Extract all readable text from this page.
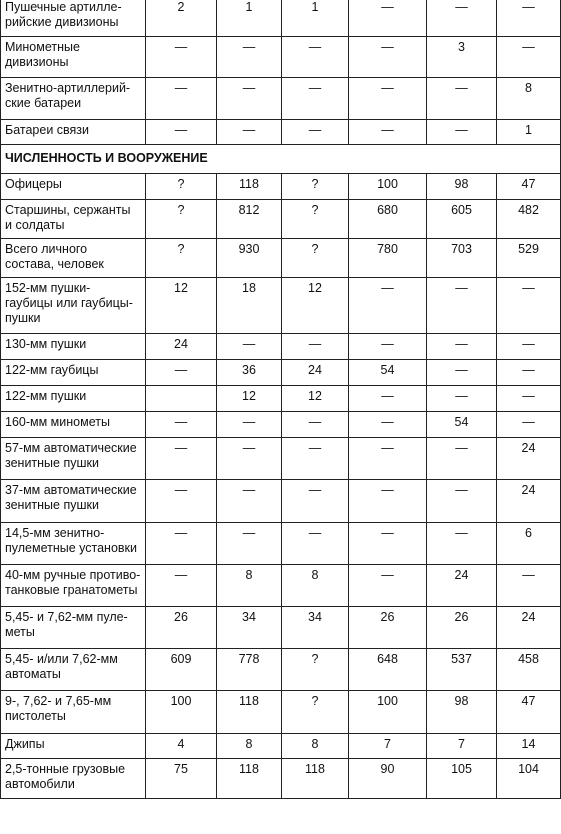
Пушечные артилле-
рийские дивизионы	2	1	1	—	—	—

Минометные
дивизионы	—	—	—	—	3	—

Зенитно-артиллерий-
ские батареи	—	—	—	—	—	8

Батареи связи	—	—	—	—	—	1
ЧИСЛЕННОСТЬ И ВООРУЖЕНИЕ						

Офицеры	?	118	?	100	98	47

Старшины, сержанты
и солдаты	?	812	?	680	605	482

Всего личного
состава, человек	?	930	?	780	703	529

152-мм пушки-
гаубицы или гаубицы-
пушки	12	18	12	—	—	—

130-мм пушки	24	—	—	—	—	—

122-мм гаубицы	—	36	24	54	—	—

122-мм пушки		12	12	—	—	—

160-мм минометы	—	—	—	—	54	—

57-мм автоматические
зенитные пушки	—	—	—	—	—	24

37-мм автоматические
зенитные пушки	—	—	—	—	—	24

14,5-мм зенитно-
пулеметные установки	—	—	—	—	—	6

40-мм ручные противо-
танковые гранатометы	—	8	8	—	24	—

5,45- и 7,62-мм пуле-
меты	26	34	34	26	26	24

5,45- и/или 7,62-мм
автоматы	609	778	?	648	537	458

9-, 7,62- и 7,65-мм
пистолеты	100	118	?	100	98	47

Джипы	4	8	8	7	7	14

2,5-тонные грузовые
автомобили	75	118	118	90	105	104
